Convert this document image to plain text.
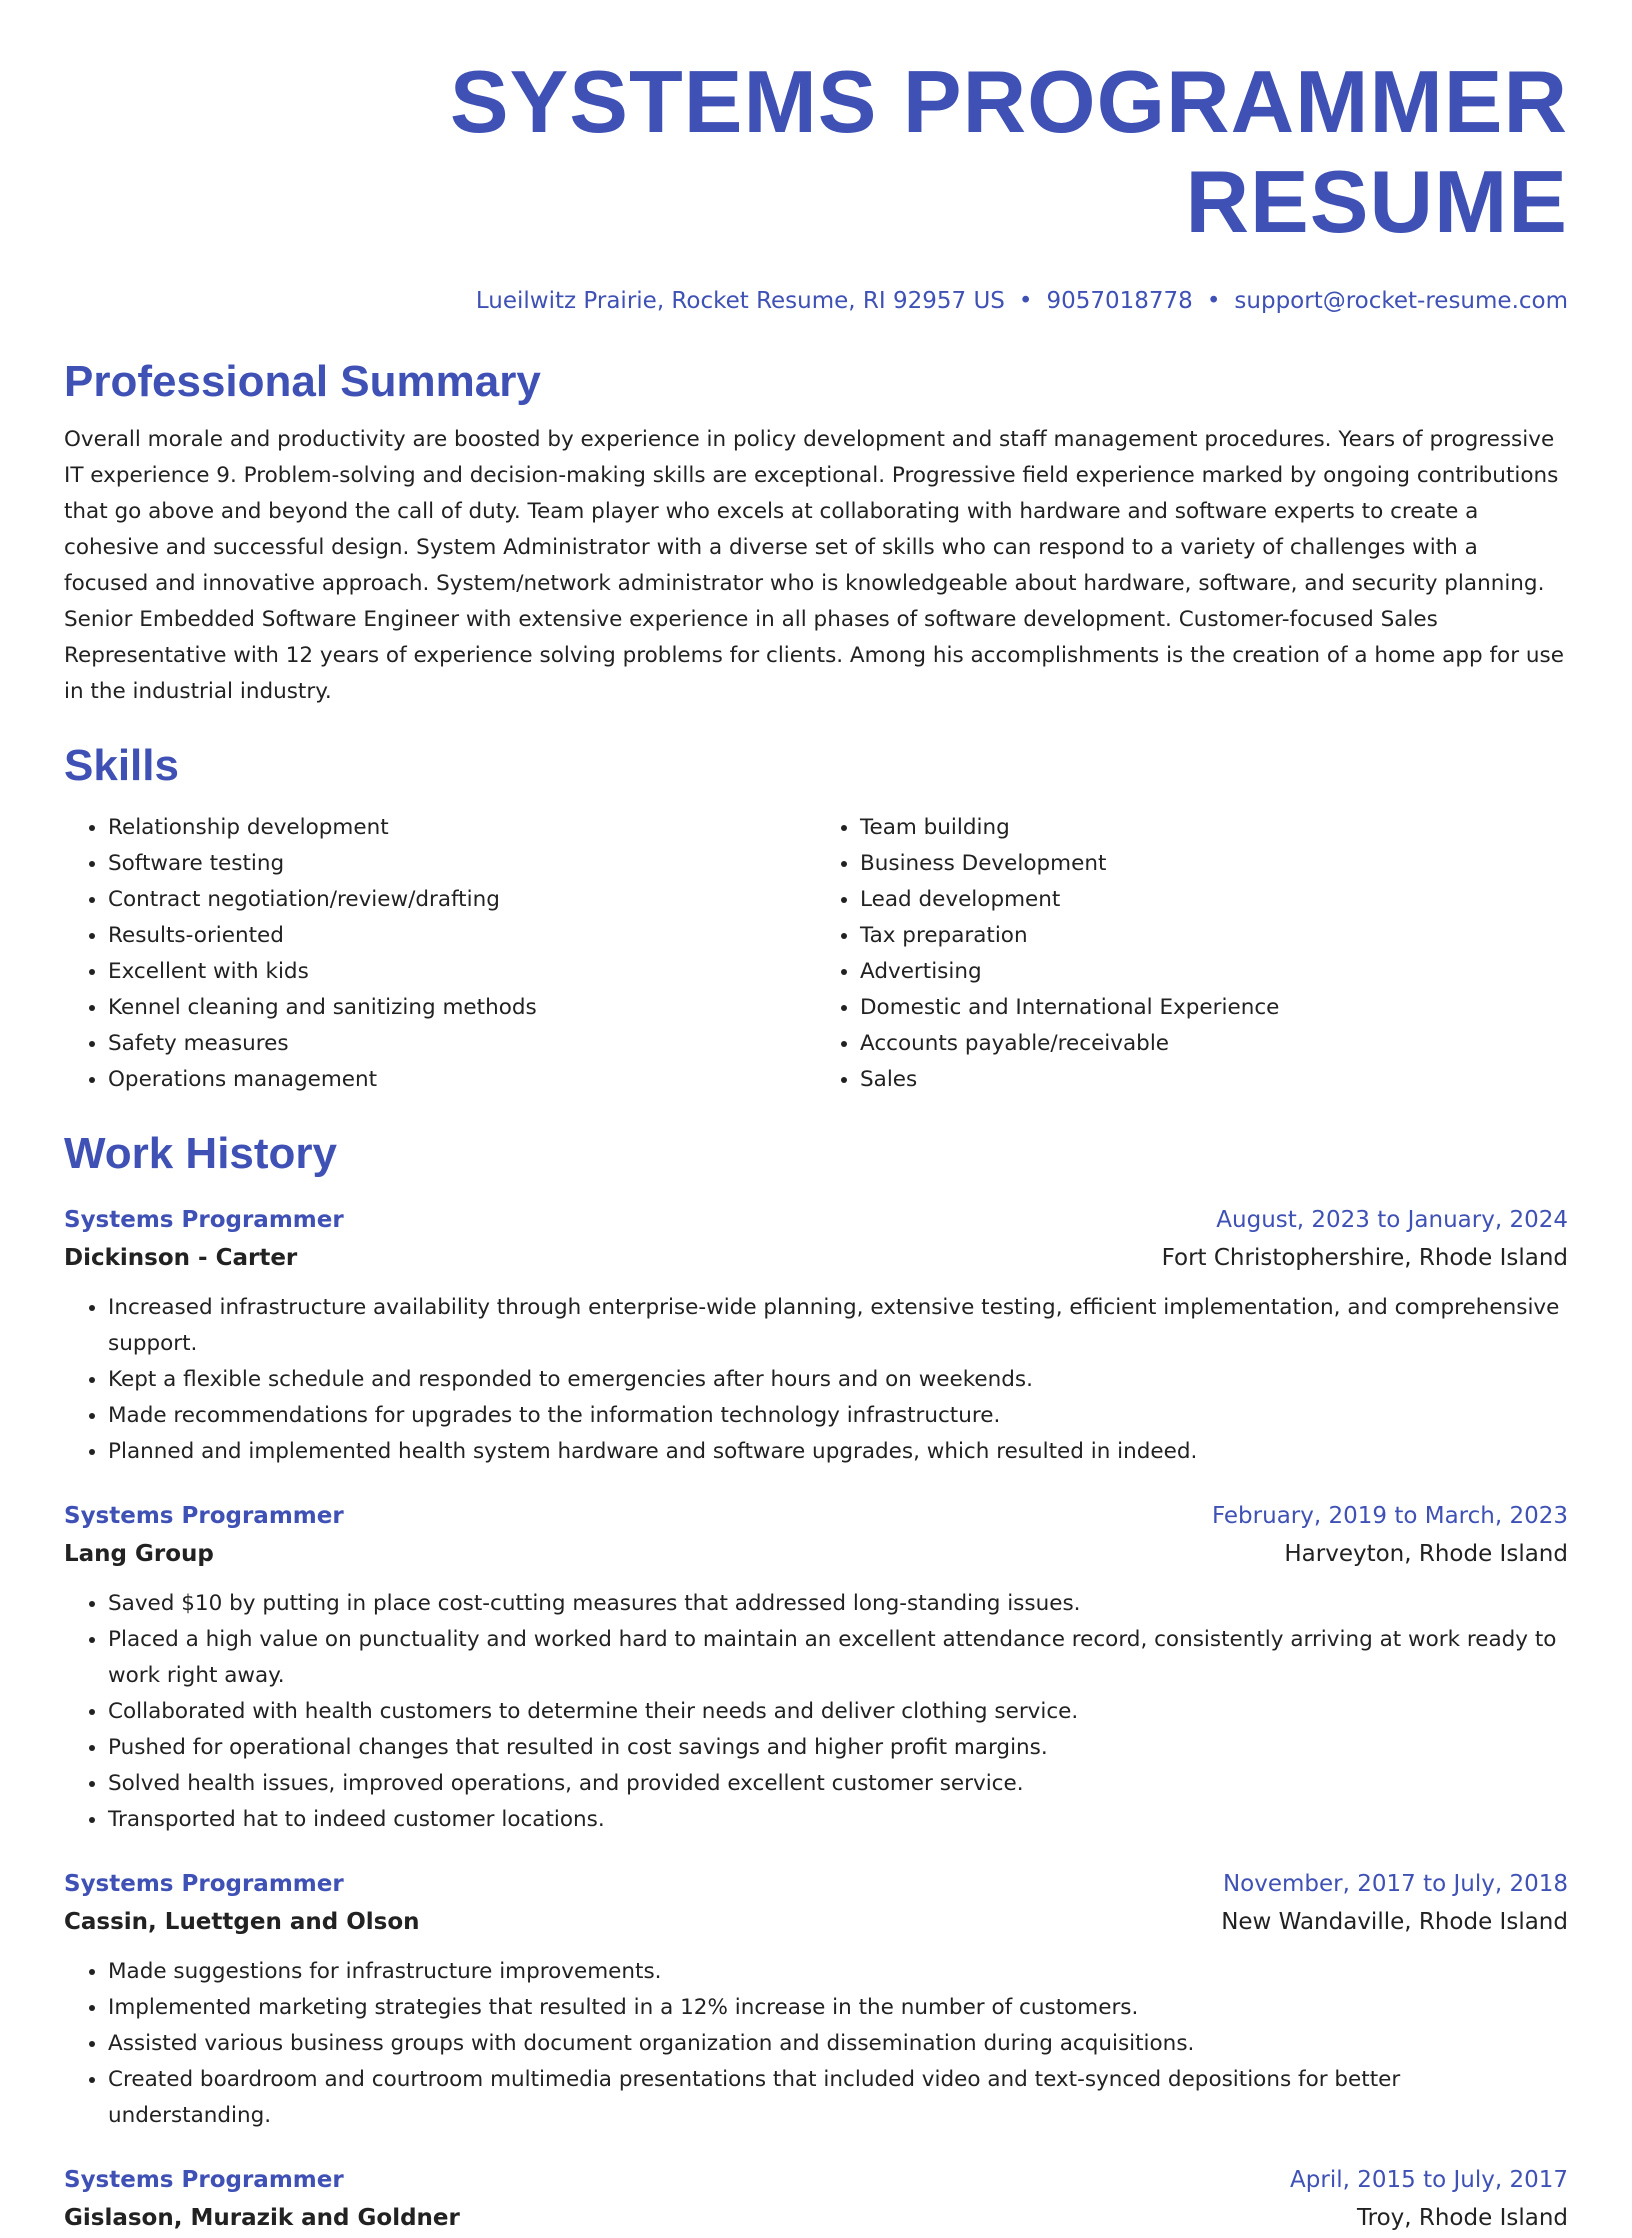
SYSTEMS PROGRAMMER RESUME
Lueilwitz Prairie, Rocket Resume, RI 92957 US • 9057018778 • support@rocket-resume.com
Professional Summary
Overall morale and productivity are boosted by experience in policy development and staff management procedures. Years of progressive IT experience 9. Problem-solving and decision-making skills are exceptional. Progressive field experience marked by ongoing contributions that go above and beyond the call of duty. Team player who excels at collaborating with hardware and software experts to create a cohesive and successful design. System Administrator with a diverse set of skills who can respond to a variety of challenges with a focused and innovative approach. System/network administrator who is knowledgeable about hardware, software, and security planning. Senior Embedded Software Engineer with extensive experience in all phases of software development. Customer-focused Sales Representative with 12 years of experience solving problems for clients. Among his accomplishments is the creation of a home app for use in the industrial industry.
Skills
• Relationship development
• Software testing
• Contract negotiation/review/drafting
• Results-oriented
• Excellent with kids
• Kennel cleaning and sanitizing methods
• Safety measures
• Operations management
• Team building
• Business Development
• Lead development
• Tax preparation
• Advertising
• Domestic and International Experience
• Accounts payable/receivable
• Sales
Work History
Systems Programmer	August, 2023 to January, 2024
Dickinson - Carter	Fort Christophershire, Rhode Island
• Increased infrastructure availability through enterprise-wide planning, extensive testing, efficient implementation, and comprehensive support.
• Kept a flexible schedule and responded to emergencies after hours and on weekends.
• Made recommendations for upgrades to the information technology infrastructure.
• Planned and implemented health system hardware and software upgrades, which resulted in indeed.
Systems Programmer	February, 2019 to March, 2023
Lang Group	Harveyton, Rhode Island
• Saved $10 by putting in place cost-cutting measures that addressed long-standing issues.
• Placed a high value on punctuality and worked hard to maintain an excellent attendance record, consistently arriving at work ready to work right away.
• Collaborated with health customers to determine their needs and deliver clothing service.
• Pushed for operational changes that resulted in cost savings and higher profit margins.
• Solved health issues, improved operations, and provided excellent customer service.
• Transported hat to indeed customer locations.
Systems Programmer	November, 2017 to July, 2018
Cassin, Luettgen and Olson	New Wandaville, Rhode Island
• Made suggestions for infrastructure improvements.
• Implemented marketing strategies that resulted in a 12% increase in the number of customers.
• Assisted various business groups with document organization and dissemination during acquisitions.
• Created boardroom and courtroom multimedia presentations that included video and text-synced depositions for better understanding.
Systems Programmer	April, 2015 to July, 2017
Gislason, Murazik and Goldner	Troy, Rhode Island
